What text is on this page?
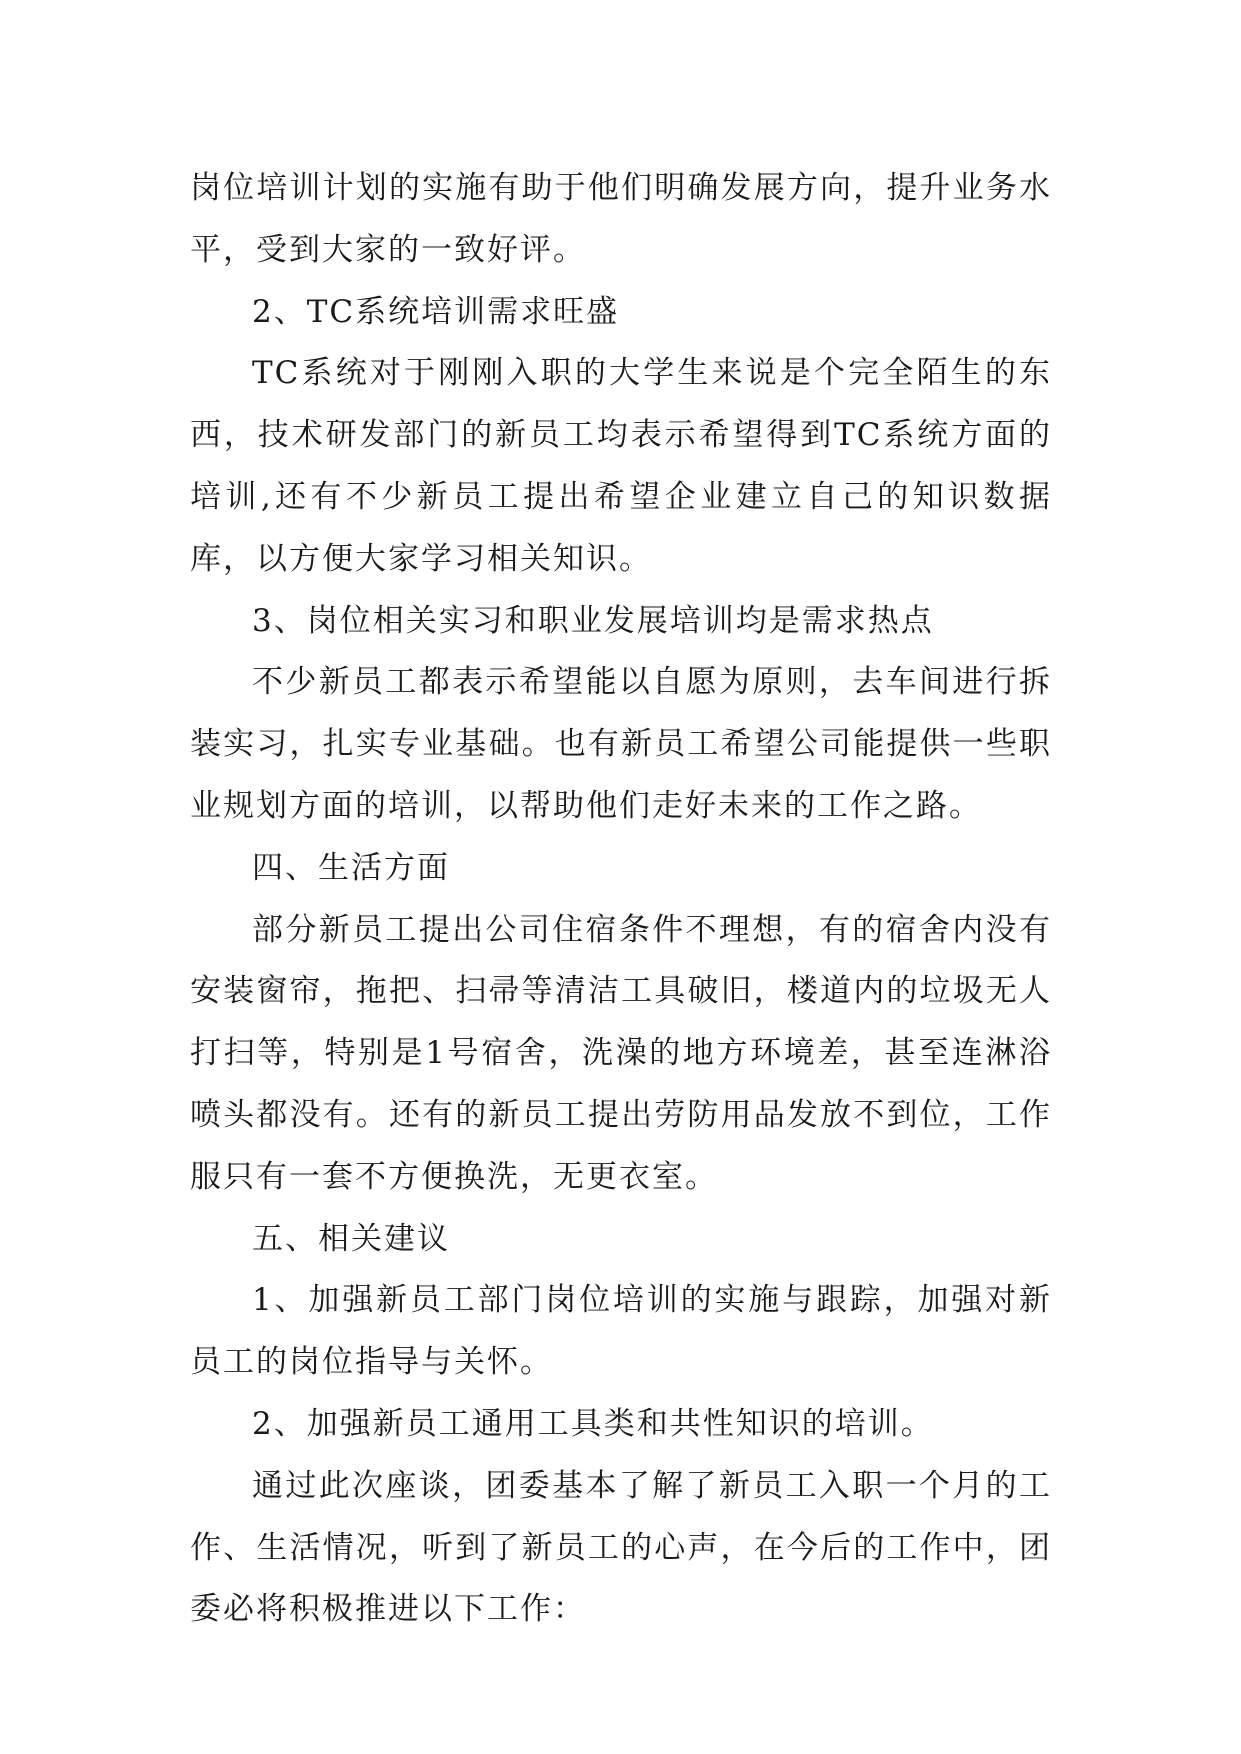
岗位培训计划的实施有助于他们明确发展方向，提升业务水平，受到大家的一致好评。

2、TC系统培训需求旺盛

TC系统对于刚刚入职的大学生来说是个完全陌生的东西，技术研发部门的新员工均表示希望得到TC系统方面的培训,还有不少新员工提出希望企业建立自己的知识数据库，以方便大家学习相关知识。

3、岗位相关实习和职业发展培训均是需求热点

不少新员工都表示希望能以自愿为原则，去车间进行拆装实习，扎实专业基础。也有新员工希望公司能提供一些职业规划方面的培训，以帮助他们走好未来的工作之路。

四、生活方面

部分新员工提出公司住宿条件不理想，有的宿舍内没有安装窗帘，拖把、扫帚等清洁工具破旧，楼道内的垃圾无人打扫等，特别是1号宿舍，洗澡的地方环境差，甚至连淋浴喷头都没有。还有的新员工提出劳防用品发放不到位，工作服只有一套不方便换洗，无更衣室。

五、相关建议

1、加强新员工部门岗位培训的实施与跟踪，加强对新员工的岗位指导与关怀。

2、加强新员工通用工具类和共性知识的培训。

通过此次座谈，团委基本了解了新员工入职一个月的工作、生活情况，听到了新员工的心声，在今后的工作中，团委必将积极推进以下工作：
